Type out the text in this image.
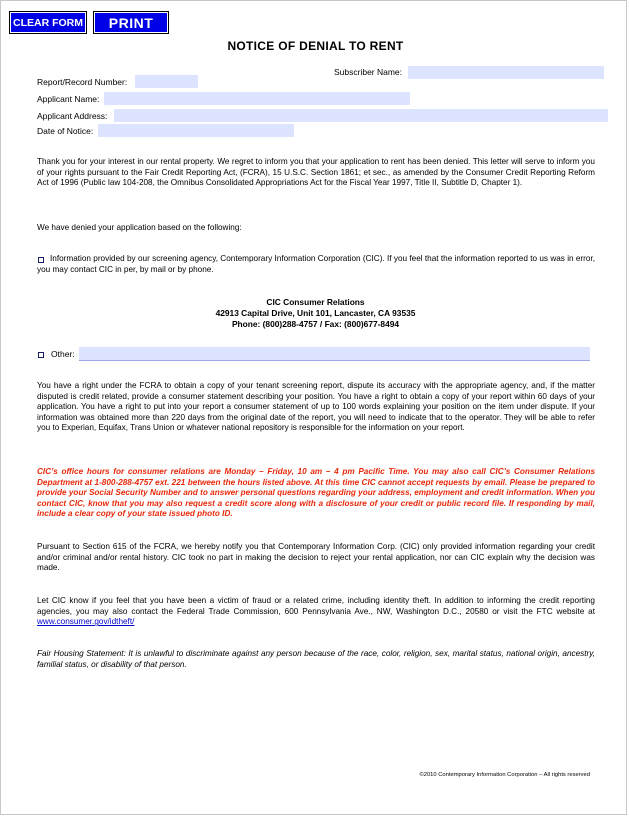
CLEAR FORM	PRINT
NOTICE OF DENIAL TO RENT
Subscriber Name:
Report/Record Number:
Applicant Name:
Applicant Address:
Date of Notice:
Thank you for your interest in our rental property. We regret to inform you that your application to rent has been denied. This letter will serve to inform you of your rights pursuant to the Fair Credit Reporting Act, (FCRA), 15 U.S.C. Section 1861; et sec., as amended by the Consumer Credit Reporting Reform Act of 1996 (Public law 104-208, the Omnibus Consolidated Appropriations Act for the Fiscal Year 1997, Title II, Subtitle D, Chapter 1).
We have denied your application based on the following:
Information provided by our screening agency, Contemporary Information Corporation (CIC). If you feel that the information reported to us was in error, you may contact CIC in per, by mail or by phone.
CIC Consumer Relations
42913 Capital Drive, Unit 101, Lancaster, CA 93535
Phone: (800)288-4757 / Fax: (800)677-8494
Other:
You have a right under the FCRA to obtain a copy of your tenant screening report, dispute its accuracy with the appropriate agency, and, if the matter disputed is credit related, provide a consumer statement describing your position. You have a right to obtain a copy of your report within 60 days of your application. You have a right to put into your report a consumer statement of up to 100 words explaining your position on the item under dispute. If your information was obtained more than 220 days from the original date of the report, you will need to indicate that to the operator. They will be able to refer you to Experian, Equifax, Trans Union or whatever national repository is responsible for the information on your report.
CIC’s office hours for consumer relations are Monday – Friday, 10 am – 4 pm Pacific Time. You may also call CIC’s Consumer Relations Department at 1-800-288-4757 ext. 221 between the hours listed above. At this time CIC cannot accept requests by email. Please be prepared to provide your Social Security Number and to answer personal questions regarding your address, employment and credit information. When you contact CIC, know that you may also request a credit score along with a disclosure of your credit or public record file. If responding by mail, include a clear copy of your state issued photo ID.
Pursuant to Section 615 of the FCRA, we hereby notify you that Contemporary Information Corp. (CIC) only provided information regarding your credit and/or criminal and/or rental history. CIC took no part in making the decision to reject your rental application, nor can CIC explain why the decision was made.
Let CIC know if you feel that you have been a victim of fraud or a related crime, including identity theft. In addition to informing the credit reporting agencies, you may also contact the Federal Trade Commission, 600 Pennsylvania Ave., NW, Washington D.C., 20580 or visit the FTC website at www.consumer.gov/idtheft/
Fair Housing Statement: It is unlawful to discriminate against any person because of the race, color, religion, sex, marital status, national origin, ancestry, familial status, or disability of that person.
©2010 Contemporary Information Corporation – All rights reserved
